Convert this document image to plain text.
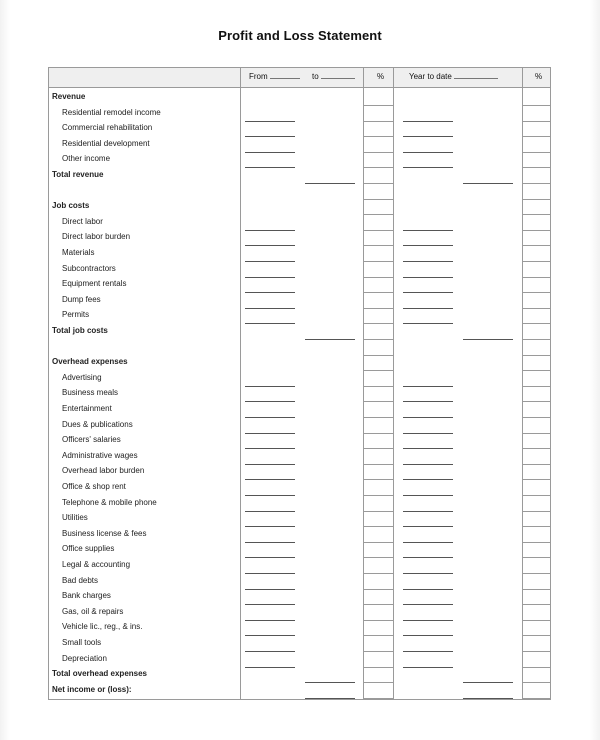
Profit and Loss Statement
From	to	%	Year to date	%
Revenue
Residential remodel income
Commercial rehabilitation
Residential development
Other income
Total revenue
Job costs
Direct labor
Direct labor burden
Materials
Subcontractors
Equipment rentals
Dump fees
Permits
Total job costs
Overhead expenses
Advertising
Business meals
Entertainment
Dues & publications
Officers' salaries
Administrative wages
Overhead labor burden
Office & shop rent
Telephone & mobile phone
Utilities
Business license & fees
Office supplies
Legal & accounting
Bad debts
Bank charges
Gas, oil & repairs
Vehicle lic., reg., & ins.
Small tools
Depreciation
Total overhead expenses
Net income or (loss):
